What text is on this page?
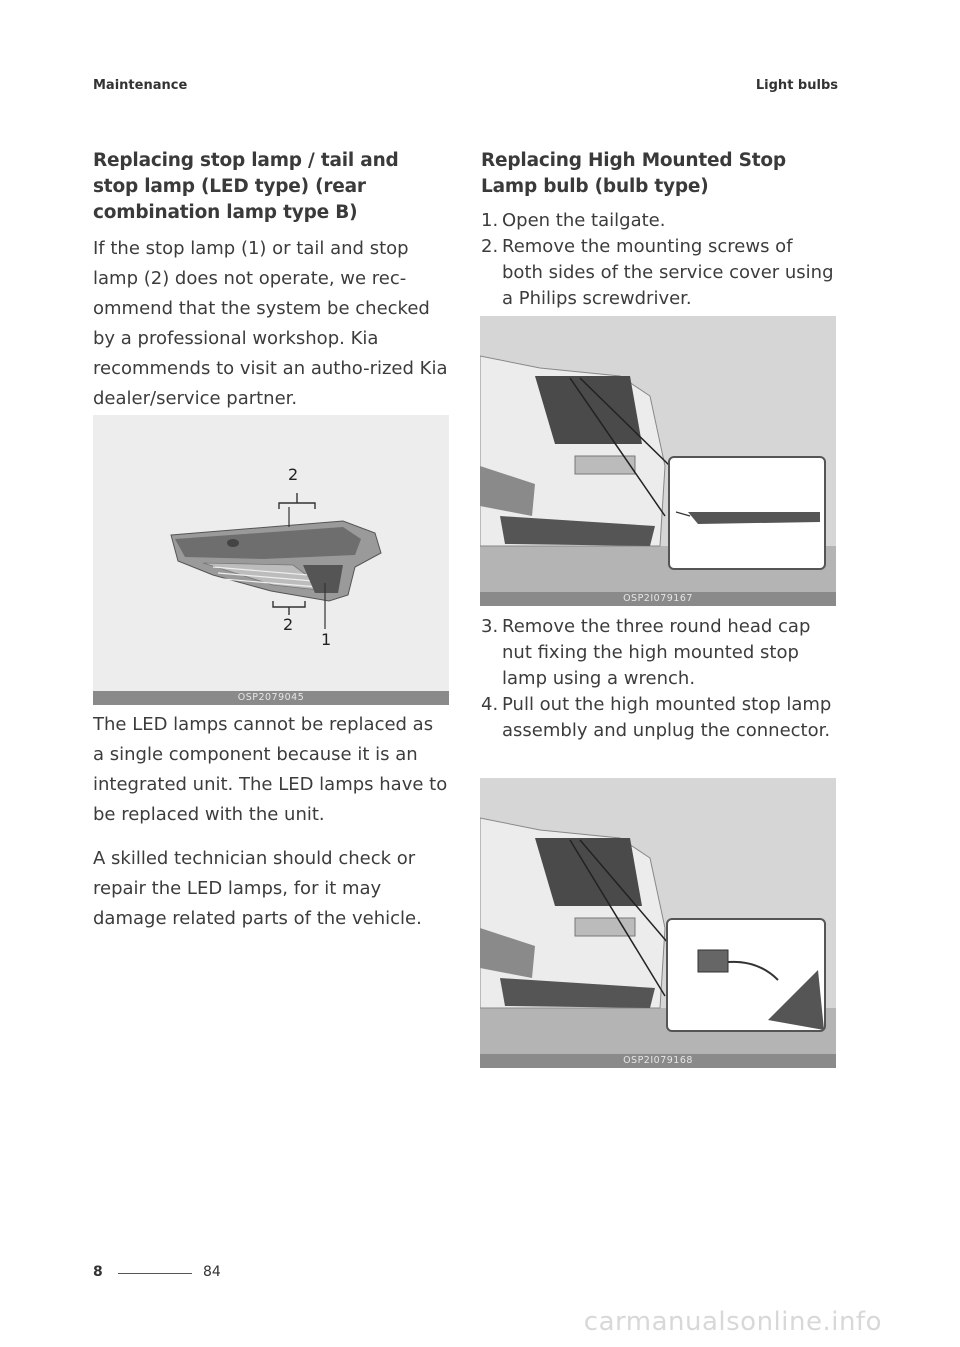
Maintenance	Light bulbs
Replacing stop lamp / tail and stop lamp (LED type) (rear combination lamp type B)

If the stop lamp (1) or tail and stop lamp (2) does not operate, we rec-ommend that the system be checked by a professional workshop. Kia recommends to visit an autho-rized Kia dealer/service partner.

2
2
1
OSP2079045

The LED lamps cannot be replaced as a single component because it is an integrated unit. The LED lamps have to be replaced with the unit.

A skilled technician should check or repair the LED lamps, for it may damage related parts of the vehicle.

Replacing High Mounted Stop Lamp bulb (bulb type)
1. Open the tailgate.
2. Remove the mounting screws of both sides of the service cover using a Philips screwdriver.
OSP2I079167
3. Remove the three round head cap nut fixing the high mounted stop lamp using a wrench.
4. Pull out the high mounted stop lamp assembly and unplug the connector.
OSP2I079168
8	84
carmanualsonline.info
